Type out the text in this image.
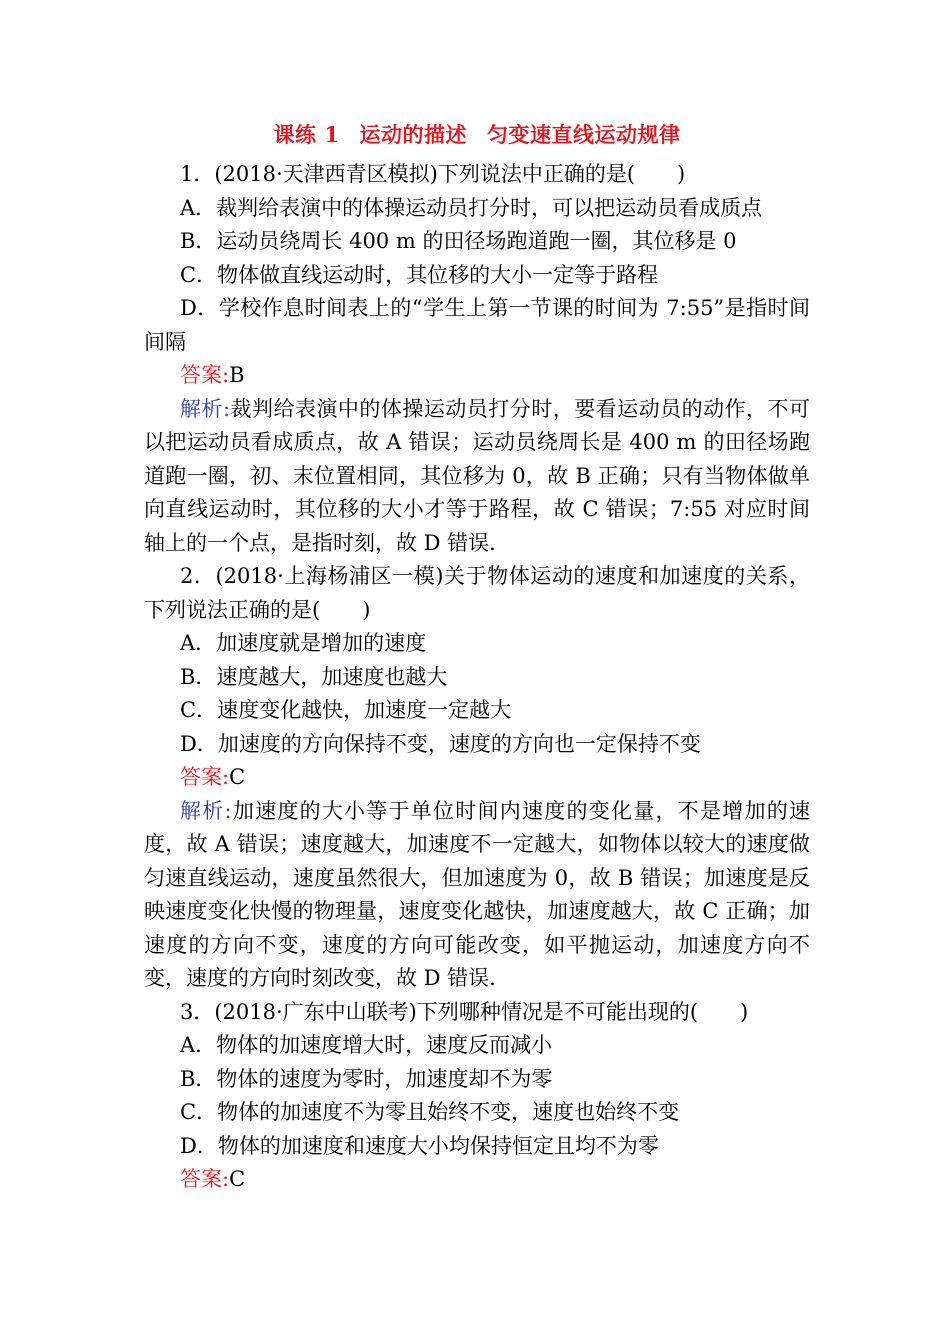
课练 1 运动的描述 匀变速直线运动规律
1．(2018·天津西青区模拟)下列说法中正确的是(　　)
A．裁判给表演中的体操运动员打分时，可以把运动员看成质点
B．运动员绕周长 400 m 的田径场跑道跑一圈，其位移是 0
C．物体做直线运动时，其位移的大小一定等于路程
D．学校作息时间表上的“学生上第一节课的时间为 7:55”是指时间间隔
答案:B
解析:裁判给表演中的体操运动员打分时，要看运动员的动作，不可以把运动员看成质点，故 A 错误；运动员绕周长是 400 m 的田径场跑道跑一圈，初、末位置相同，其位移为 0，故 B 正确；只有当物体做单向直线运动时，其位移的大小才等于路程，故 C 错误；7:55 对应时间轴上的一个点，是指时刻，故 D 错误．
2．(2018·上海杨浦区一模)关于物体运动的速度和加速度的关系，下列说法正确的是(　　)
A．加速度就是增加的速度
B．速度越大，加速度也越大
C．速度变化越快，加速度一定越大
D．加速度的方向保持不变，速度的方向也一定保持不变
答案:C
解析:加速度的大小等于单位时间内速度的变化量，不是增加的速度，故 A 错误；速度越大，加速度不一定越大，如物体以较大的速度做匀速直线运动，速度虽然很大，但加速度为 0，故 B 错误；加速度是反映速度变化快慢的物理量，速度变化越快，加速度越大，故 C 正确；加速度的方向不变，速度的方向可能改变，如平抛运动，加速度方向不变，速度的方向时刻改变，故 D 错误．
3．(2018·广东中山联考)下列哪种情况是不可能出现的(　　)
A．物体的加速度增大时，速度反而减小
B．物体的速度为零时，加速度却不为零
C．物体的加速度不为零且始终不变，速度也始终不变
D．物体的加速度和速度大小均保持恒定且均不为零
答案:C
